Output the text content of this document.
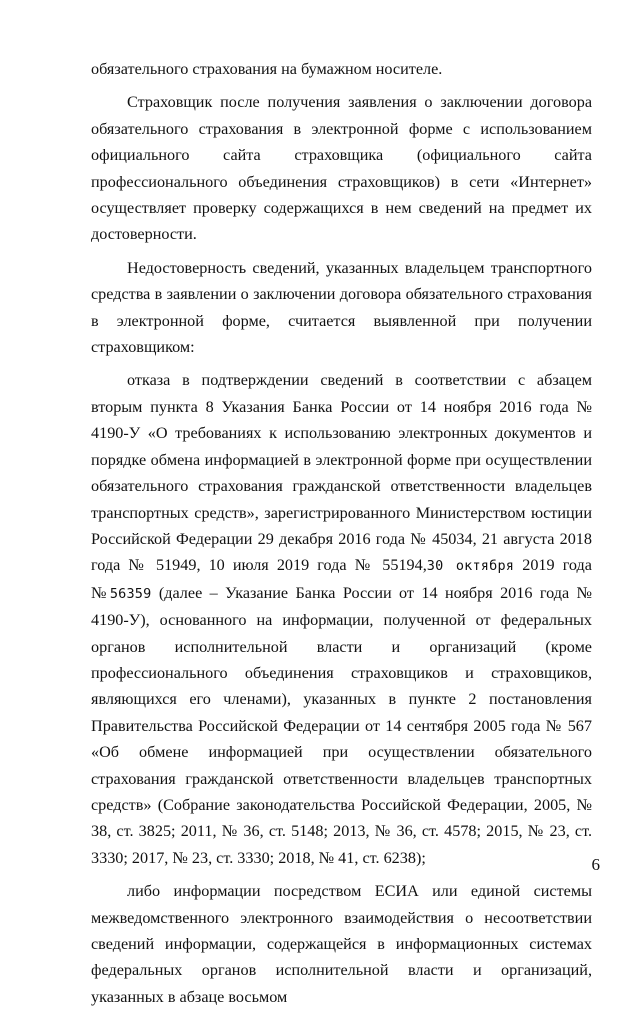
обязательного страхования на бумажном носителе.

Страховщик после получения заявления о заключении договора обязательного страхования в электронной форме с использованием официального сайта страховщика (официального сайта профессионального объединения страховщиков) в сети «Интернет» осуществляет проверку содержащихся в нем сведений на предмет их достоверности.

Недостоверность сведений, указанных владельцем транспортного средства в заявлении о заключении договора обязательного страхования в электронной форме, считается выявленной при получении страховщиком:

отказа в подтверждении сведений в соответствии с абзацем вторым пункта 8 Указания Банка России от 14 ноября 2016 года № 4190-У «О требованиях к использованию электронных документов и порядке обмена информацией в электронной форме при осуществлении обязательного страхования гражданской ответственности владельцев транспортных средств», зарегистрированного Министерством юстиции Российской Федерации 29 декабря 2016 года № 45034, 21 августа 2018 года № 51949, 10 июля 2019 года № 55194,30 октября 2019 года №56359 (далее – Указание Банка России от 14 ноября 2016 года № 4190-У), основанного на информации, полученной от федеральных органов исполнительной власти и организаций (кроме профессионального объединения страховщиков и страховщиков, являющихся его членами), указанных в пункте 2 постановления Правительства Российской Федерации от 14 сентября 2005 года № 567 «Об обмене информацией при осуществлении обязательного страхования гражданской ответственности владельцев транспортных средств» (Собрание законодательства Российской Федерации, 2005, № 38, ст. 3825; 2011, № 36, ст. 5148; 2013, № 36, ст. 4578; 2015, № 23, ст. 3330; 2017, № 23, ст. 3330; 2018, № 41, ст. 6238);

либо информации посредством ЕСИА или единой системы межведомственного электронного взаимодействия о несоответствии сведений информации, содержащейся в информационных системах федеральных органов исполнительной власти и организаций, указанных в абзаце восьмом

6
